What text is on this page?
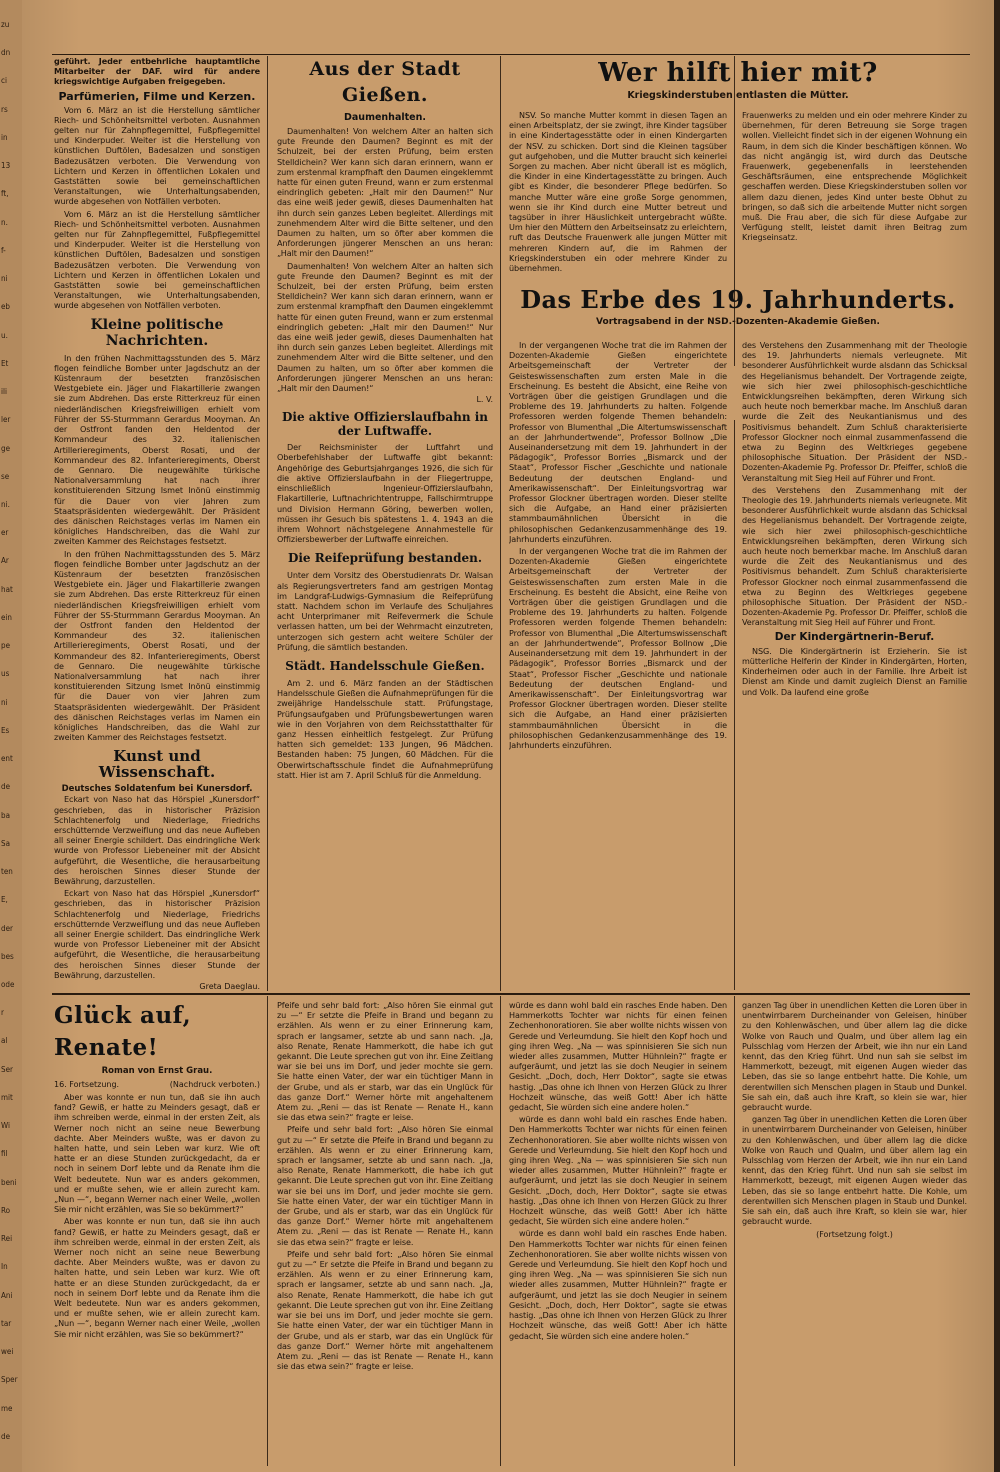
zu
dn
ci
rs
in
13
ft,
n.
f-
ni
eb
u.
Et
ili
ler
ge
se
ni.
er
Ar
hat
ein
pe
us
ni
Es
ent
de
ba
Sa
ten
E,
der
bes
ode
r
al
Ser
mit
Wi
fil
beni
Ro
Rei
In
Ani
tar
wei
Sper
me
de

geführt. Jeder entbehrliche hauptamtliche Mitarbeiter der DAF. wird für andere kriegswichtige Aufgaben freigegeben.

Parfümerien, Filme und Kerzen.

Vom 6. März an ist die Herstellung sämtlicher Riech- und Schönheitsmittel verboten. Ausnahmen gelten nur für Zahnpflegemittel, Fußpflegemittel und Kinderpuder. Weiter ist die Herstellung von künstlichen Duftölen, Badesalzen und sonstigen Badezusätzen verboten. Die Verwendung von Lichtern und Kerzen in öffentlichen Lokalen und Gaststätten sowie bei gemeinschaftlichen Veranstaltungen, wie Unterhaltungsabenden, wurde abgesehen von Notfällen verboten.

Vom 6. März an ist die Herstellung sämtlicher Riech- und Schönheitsmittel verboten. Ausnahmen gelten nur für Zahnpflegemittel, Fußpflegemittel und Kinderpuder. Weiter ist die Herstellung von künstlichen Duftölen, Badesalzen und sonstigen Badezusätzen verboten. Die Verwendung von Lichtern und Kerzen in öffentlichen Lokalen und Gaststätten sowie bei gemeinschaftlichen Veranstaltungen, wie Unterhaltungsabenden, wurde abgesehen von Notfällen verboten.

Kleine politische Nachrichten.

In den frühen Nachmittagsstunden des 5. März flogen feindliche Bomber unter Jagdschutz an der Küstenraum der besetzten französischen Westgebiete ein. Jäger und Flakartillerie zwangen sie zum Abdrehen. Das erste Ritterkreuz für einen niederländischen Kriegsfreiwilligen erhielt vom Führer der SS-Sturmmann Gerardus Mooyman. An der Ostfront fanden den Heldentod der Kommandeur des 32. italienischen Artillerieregiments, Oberst Rosati, und der Kommandeur des 82. Infanterieregiments, Oberst de Gennaro. Die neugewählte türkische Nationalversammlung hat nach ihrer konstituierenden Sitzung Ismet Inönü einstimmig für die Dauer von vier Jahren zum Staatspräsidenten wiedergewählt. Der Präsident des dänischen Reichstages verlas im Namen ein königliches Handschreiben, das die Wahl zur zweiten Kammer des Reichstages festsetzt.

In den frühen Nachmittagsstunden des 5. März flogen feindliche Bomber unter Jagdschutz an der Küstenraum der besetzten französischen Westgebiete ein. Jäger und Flakartillerie zwangen sie zum Abdrehen. Das erste Ritterkreuz für einen niederländischen Kriegsfreiwilligen erhielt vom Führer der SS-Sturmmann Gerardus Mooyman. An der Ostfront fanden den Heldentod der Kommandeur des 32. italienischen Artillerieregiments, Oberst Rosati, und der Kommandeur des 82. Infanterieregiments, Oberst de Gennaro. Die neugewählte türkische Nationalversammlung hat nach ihrer konstituierenden Sitzung Ismet Inönü einstimmig für die Dauer von vier Jahren zum Staatspräsidenten wiedergewählt. Der Präsident des dänischen Reichstages verlas im Namen ein königliches Handschreiben, das die Wahl zur zweiten Kammer des Reichstages festsetzt.

Kunst und Wissenschaft.
Deutsches Soldatenfum bei Kunersdorf.

Eckart von Naso hat das Hörspiel „Kunersdorf“ geschrieben, das in historischer Präzision Schlachtenerfolg und Niederlage, Friedrichs erschütternde Verzweiflung und das neue Aufleben all seiner Energie schildert. Das eindringliche Werk wurde von Professor Liebeneiner mit der Absicht aufgeführt, die Wesentliche, die herausarbeitung des heroischen Sinnes dieser Stunde der Bewährung, darzustellen.

Eckart von Naso hat das Hörspiel „Kunersdorf“ geschrieben, das in historischer Präzision Schlachtenerfolg und Niederlage, Friedrichs erschütternde Verzweiflung und das neue Aufleben all seiner Energie schildert. Das eindringliche Werk wurde von Professor Liebeneiner mit der Absicht aufgeführt, die Wesentliche, die herausarbeitung des heroischen Sinnes dieser Stunde der Bewährung, darzustellen.

Greta Daeglau.
Aus der Stadt Gießen.
Daumenhalten.

Daumenhalten! Von welchem Alter an halten sich gute Freunde den Daumen? Beginnt es mit der Schulzeit, bei der ersten Prüfung, beim ersten Stelldichein? Wer kann sich daran erinnern, wann er zum erstenmal krampfhaft den Daumen eingeklemmt hatte für einen guten Freund, wann er zum erstenmal eindringlich gebeten: „Halt mir den Daumen!“ Nur das eine weiß jeder gewiß, dieses Daumenhalten hat ihn durch sein ganzes Leben begleitet. Allerdings mit zunehmendem Alter wird die Bitte seltener, und den Daumen zu halten, um so öfter aber kommen die Anforderungen jüngerer Menschen an uns heran: „Halt mir den Daumen!“

Daumenhalten! Von welchem Alter an halten sich gute Freunde den Daumen? Beginnt es mit der Schulzeit, bei der ersten Prüfung, beim ersten Stelldichein? Wer kann sich daran erinnern, wann er zum erstenmal krampfhaft den Daumen eingeklemmt hatte für einen guten Freund, wann er zum erstenmal eindringlich gebeten: „Halt mir den Daumen!“ Nur das eine weiß jeder gewiß, dieses Daumenhalten hat ihn durch sein ganzes Leben begleitet. Allerdings mit zunehmendem Alter wird die Bitte seltener, und den Daumen zu halten, um so öfter aber kommen die Anforderungen jüngerer Menschen an uns heran: „Halt mir den Daumen!“

L. V.
Die aktive Offizierslaufbahn in der Luftwaffe.

Der Reichsminister der Luftfahrt und Oberbefehlshaber der Luftwaffe gibt bekannt: Angehörige des Geburtsjahrganges 1926, die sich für die aktive Offizierslaufbahn in der Fliegertruppe, einschließlich Ingenieur-Offizierslaufbahn, Flakartillerie, Luftnachrichtentruppe, Fallschirmtruppe und Division Hermann Göring, bewerben wollen, müssen ihr Gesuch bis spätestens 1. 4. 1943 an die ihrem Wohnort nächstgelegene Annahmestelle für Offiziersbewerber der Luftwaffe einreichen.

Die Reifeprüfung bestanden.

Unter dem Vorsitz des Oberstudienrats Dr. Walsan als Regierungsvertreters fand am gestrigen Montag im Landgraf-Ludwigs-Gymnasium die Reifeprüfung statt. Nachdem schon im Verlaufe des Schuljahres acht Unterprimaner mit Reifevermerk die Schule verlassen hatten, um bei der Wehrmacht einzutreten, unterzogen sich gestern acht weitere Schüler der Prüfung, die sämtlich bestanden.

Städt. Handelsschule Gießen.

Am 2. und 6. März fanden an der Städtischen Handelsschule Gießen die Aufnahmeprüfungen für die zweijährige Handelsschule statt. Prüfungstage, Prüfungsaufgaben und Prüfungsbewertungen waren wie in den Vorjahren von dem Reichsstatthalter für ganz Hessen einheitlich festgelegt. Zur Prüfung hatten sich gemeldet: 133 Jungen, 96 Mädchen. Bestanden haben: 75 Jungen, 60 Mädchen. Für die Oberwirtschaftsschule findet die Aufnahmeprüfung statt. Hier ist am 7. April Schluß für die Anmeldung.

Wer hilft hier mit?
Kriegskinderstuben entlasten die Mütter.

NSV. So manche Mutter kommt in diesen Tagen an einen Arbeitsplatz, der sie zwingt, ihre Kinder tagsüber in eine Kindertagesstätte oder in einen Kindergarten der NSV. zu schicken. Dort sind die Kleinen tagsüber gut aufgehoben, und die Mutter braucht sich keinerlei Sorgen zu machen. Aber nicht überall ist es möglich, die Kinder in eine Kindertagesstätte zu bringen. Auch gibt es Kinder, die besonderer Pflege bedürfen. So manche Mutter wäre eine große Sorge genommen, wenn sie ihr Kind durch eine Mutter betreut und tagsüber in ihrer Häuslichkeit untergebracht wüßte. Um hier den Müttern den Arbeitseinsatz zu erleichtern, ruft das Deutsche Frauenwerk alle jungen Mütter mit mehreren Kindern auf, die im Rahmen der Kriegskinderstuben ein oder mehrere Kinder zu übernehmen.

Frauenwerks zu melden und ein oder mehrere Kinder zu übernehmen, für deren Betreuung sie Sorge tragen wollen. Vielleicht findet sich in der eigenen Wohnung ein Raum, in dem sich die Kinder beschäftigen können. Wo das nicht angängig ist, wird durch das Deutsche Frauenwerk, gegebenenfalls in leerstehenden Geschäftsräumen, eine entsprechende Möglichkeit geschaffen werden. Diese Kriegskinderstuben sollen vor allem dazu dienen, jedes Kind unter beste Obhut zu bringen, so daß sich die arbeitende Mutter nicht sorgen muß. Die Frau aber, die sich für diese Aufgabe zur Verfügung stellt, leistet damit ihren Beitrag zum Kriegseinsatz.

Das Erbe des 19. Jahrhunderts.
Vortragsabend in der NSD.-Dozenten-Akademie Gießen.

In der vergangenen Woche trat die im Rahmen der Dozenten-Akademie Gießen eingerichtete Arbeitsgemeinschaft der Vertreter der Geisteswissenschaften zum ersten Male in die Erscheinung. Es besteht die Absicht, eine Reihe von Vorträgen über die geistigen Grundlagen und die Probleme des 19. Jahrhunderts zu halten. Folgende Professoren werden folgende Themen behandeln: Professor von Blumenthal „Die Altertumswissenschaft an der Jahrhundertwende“, Professor Bollnow „Die Auseinandersetzung mit dem 19. Jahrhundert in der Pädagogik“, Professor Borries „Bismarck und der Staat“, Professor Fischer „Geschichte und nationale Bedeutung der deutschen England- und Amerikawissenschaft“. Der Einleitungsvortrag war Professor Glockner übertragen worden. Dieser stellte sich die Aufgabe, an Hand einer präzisierten stammbaumähnlichen Übersicht in die philosophischen Gedankenzusammenhänge des 19. Jahrhunderts einzuführen.

In der vergangenen Woche trat die im Rahmen der Dozenten-Akademie Gießen eingerichtete Arbeitsgemeinschaft der Vertreter der Geisteswissenschaften zum ersten Male in die Erscheinung. Es besteht die Absicht, eine Reihe von Vorträgen über die geistigen Grundlagen und die Probleme des 19. Jahrhunderts zu halten. Folgende Professoren werden folgende Themen behandeln: Professor von Blumenthal „Die Altertumswissenschaft an der Jahrhundertwende“, Professor Bollnow „Die Auseinandersetzung mit dem 19. Jahrhundert in der Pädagogik“, Professor Borries „Bismarck und der Staat“, Professor Fischer „Geschichte und nationale Bedeutung der deutschen England- und Amerikawissenschaft“. Der Einleitungsvortrag war Professor Glockner übertragen worden. Dieser stellte sich die Aufgabe, an Hand einer präzisierten stammbaumähnlichen Übersicht in die philosophischen Gedankenzusammenhänge des 19. Jahrhunderts einzuführen.

des Verstehens den Zusammenhang mit der Theologie des 19. Jahrhunderts niemals verleugnete. Mit besonderer Ausführlichkeit wurde alsdann das Schicksal des Hegelianismus behandelt. Der Vortragende zeigte, wie sich hier zwei philosophisch-geschichtliche Entwicklungsreihen bekämpften, deren Wirkung sich auch heute noch bemerkbar mache. Im Anschluß daran wurde die Zeit des Neukantianismus und des Positivismus behandelt. Zum Schluß charakterisierte Professor Glockner noch einmal zusammenfassend die etwa zu Beginn des Weltkrieges gegebene philosophische Situation. Der Präsident der NSD.-Dozenten-Akademie Pg. Professor Dr. Pfeiffer, schloß die Veranstaltung mit Sieg Heil auf Führer und Front.

des Verstehens den Zusammenhang mit der Theologie des 19. Jahrhunderts niemals verleugnete. Mit besonderer Ausführlichkeit wurde alsdann das Schicksal des Hegelianismus behandelt. Der Vortragende zeigte, wie sich hier zwei philosophisch-geschichtliche Entwicklungsreihen bekämpften, deren Wirkung sich auch heute noch bemerkbar mache. Im Anschluß daran wurde die Zeit des Neukantianismus und des Positivismus behandelt. Zum Schluß charakterisierte Professor Glockner noch einmal zusammenfassend die etwa zu Beginn des Weltkrieges gegebene philosophische Situation. Der Präsident der NSD.-Dozenten-Akademie Pg. Professor Dr. Pfeiffer, schloß die Veranstaltung mit Sieg Heil auf Führer und Front.

Der Kindergärtnerin-Beruf.

NSG. Die Kindergärtnerin ist Erzieherin. Sie ist mütterliche Helferin der Kinder in Kindergärten, Horten, Kinderheimen oder auch in der Familie. Ihre Arbeit ist Dienst am Kinde und damit zugleich Dienst an Familie und Volk. Da laufend eine große

Glück auf, Renate!
Roman von Ernst Grau.
16. Fortsetzung.	(Nachdruck verboten.)

Aber was konnte er nun tun, daß sie ihn auch fand? Gewiß, er hatte zu Meinders gesagt, daß er ihm schreiben werde, einmal in der ersten Zeit, als Werner noch nicht an seine neue Bewerbung dachte. Aber Meinders wußte, was er davon zu halten hatte, und sein Leben war kurz. Wie oft hatte er an diese Stunden zurückgedacht, da er noch in seinem Dorf lebte und da Renate ihm die Welt bedeutete. Nun war es anders gekommen, und er mußte sehen, wie er allein zurecht kam. „Nun —“, begann Werner nach einer Weile, „wollen Sie mir nicht erzählen, was Sie so bekümmert?“

Aber was konnte er nun tun, daß sie ihn auch fand? Gewiß, er hatte zu Meinders gesagt, daß er ihm schreiben werde, einmal in der ersten Zeit, als Werner noch nicht an seine neue Bewerbung dachte. Aber Meinders wußte, was er davon zu halten hatte, und sein Leben war kurz. Wie oft hatte er an diese Stunden zurückgedacht, da er noch in seinem Dorf lebte und da Renate ihm die Welt bedeutete. Nun war es anders gekommen, und er mußte sehen, wie er allein zurecht kam. „Nun —“, begann Werner nach einer Weile, „wollen Sie mir nicht erzählen, was Sie so bekümmert?“

Pfeife und sehr bald fort: „Also hören Sie einmal gut zu —“ Er setzte die Pfeife in Brand und begann zu erzählen. Als wenn er zu einer Erinnerung kam, sprach er langsamer, setzte ab und sann nach. „Ja, also Renate, Renate Hammerkott, die habe ich gut gekannt. Die Leute sprechen gut von ihr. Eine Zeitlang war sie bei uns im Dorf, und jeder mochte sie gern. Sie hatte einen Vater, der war ein tüchtiger Mann in der Grube, und als er starb, war das ein Unglück für das ganze Dorf.“ Werner hörte mit angehaltenem Atem zu. „Reni — das ist Renate — Renate H., kann sie das etwa sein?“ fragte er leise.

Pfeife und sehr bald fort: „Also hören Sie einmal gut zu —“ Er setzte die Pfeife in Brand und begann zu erzählen. Als wenn er zu einer Erinnerung kam, sprach er langsamer, setzte ab und sann nach. „Ja, also Renate, Renate Hammerkott, die habe ich gut gekannt. Die Leute sprechen gut von ihr. Eine Zeitlang war sie bei uns im Dorf, und jeder mochte sie gern. Sie hatte einen Vater, der war ein tüchtiger Mann in der Grube, und als er starb, war das ein Unglück für das ganze Dorf.“ Werner hörte mit angehaltenem Atem zu. „Reni — das ist Renate — Renate H., kann sie das etwa sein?“ fragte er leise.

Pfeife und sehr bald fort: „Also hören Sie einmal gut zu —“ Er setzte die Pfeife in Brand und begann zu erzählen. Als wenn er zu einer Erinnerung kam, sprach er langsamer, setzte ab und sann nach. „Ja, also Renate, Renate Hammerkott, die habe ich gut gekannt. Die Leute sprechen gut von ihr. Eine Zeitlang war sie bei uns im Dorf, und jeder mochte sie gern. Sie hatte einen Vater, der war ein tüchtiger Mann in der Grube, und als er starb, war das ein Unglück für das ganze Dorf.“ Werner hörte mit angehaltenem Atem zu. „Reni — das ist Renate — Renate H., kann sie das etwa sein?“ fragte er leise.

würde es dann wohl bald ein rasches Ende haben. Den Hammerkotts Tochter war nichts für einen feinen Zechenhonoratioren. Sie aber wollte nichts wissen von Gerede und Verleumdung. Sie hielt den Kopf hoch und ging ihren Weg. „Na — was spinnisieren Sie sich nun wieder alles zusammen, Mutter Hühnlein?“ fragte er aufgeräumt, und jetzt las sie doch Neugier in seinem Gesicht. „Doch, doch, Herr Doktor“, sagte sie etwas hastig. „Das ohne ich Ihnen von Herzen Glück zu Ihrer Hochzeit wünsche, das weiß Gott! Aber ich hätte gedacht, Sie würden sich eine andere holen.“

würde es dann wohl bald ein rasches Ende haben. Den Hammerkotts Tochter war nichts für einen feinen Zechenhonoratioren. Sie aber wollte nichts wissen von Gerede und Verleumdung. Sie hielt den Kopf hoch und ging ihren Weg. „Na — was spinnisieren Sie sich nun wieder alles zusammen, Mutter Hühnlein?“ fragte er aufgeräumt, und jetzt las sie doch Neugier in seinem Gesicht. „Doch, doch, Herr Doktor“, sagte sie etwas hastig. „Das ohne ich Ihnen von Herzen Glück zu Ihrer Hochzeit wünsche, das weiß Gott! Aber ich hätte gedacht, Sie würden sich eine andere holen.“

würde es dann wohl bald ein rasches Ende haben. Den Hammerkotts Tochter war nichts für einen feinen Zechenhonoratioren. Sie aber wollte nichts wissen von Gerede und Verleumdung. Sie hielt den Kopf hoch und ging ihren Weg. „Na — was spinnisieren Sie sich nun wieder alles zusammen, Mutter Hühnlein?“ fragte er aufgeräumt, und jetzt las sie doch Neugier in seinem Gesicht. „Doch, doch, Herr Doktor“, sagte sie etwas hastig. „Das ohne ich Ihnen von Herzen Glück zu Ihrer Hochzeit wünsche, das weiß Gott! Aber ich hätte gedacht, Sie würden sich eine andere holen.“

ganzen Tag über in unendlichen Ketten die Loren über in unentwirrbarem Durcheinander von Geleisen, hinüber zu den Kohlenwäschen, und über allem lag die dicke Wolke von Rauch und Qualm, und über allem lag ein Pulsschlag vom Herzen der Arbeit, wie ihn nur ein Land kennt, das den Krieg führt. Und nun sah sie selbst im Hammerkott, bezeugt, mit eigenen Augen wieder das Leben, das sie so lange entbehrt hatte. Die Kohle, um derentwillen sich Menschen plagen in Staub und Dunkel. Sie sah ein, daß auch ihre Kraft, so klein sie war, hier gebraucht wurde.

ganzen Tag über in unendlichen Ketten die Loren über in unentwirrbarem Durcheinander von Geleisen, hinüber zu den Kohlenwäschen, und über allem lag die dicke Wolke von Rauch und Qualm, und über allem lag ein Pulsschlag vom Herzen der Arbeit, wie ihn nur ein Land kennt, das den Krieg führt. Und nun sah sie selbst im Hammerkott, bezeugt, mit eigenen Augen wieder das Leben, das sie so lange entbehrt hatte. Die Kohle, um derentwillen sich Menschen plagen in Staub und Dunkel. Sie sah ein, daß auch ihre Kraft, so klein sie war, hier gebraucht wurde.

(Fortsetzung folgt.)
